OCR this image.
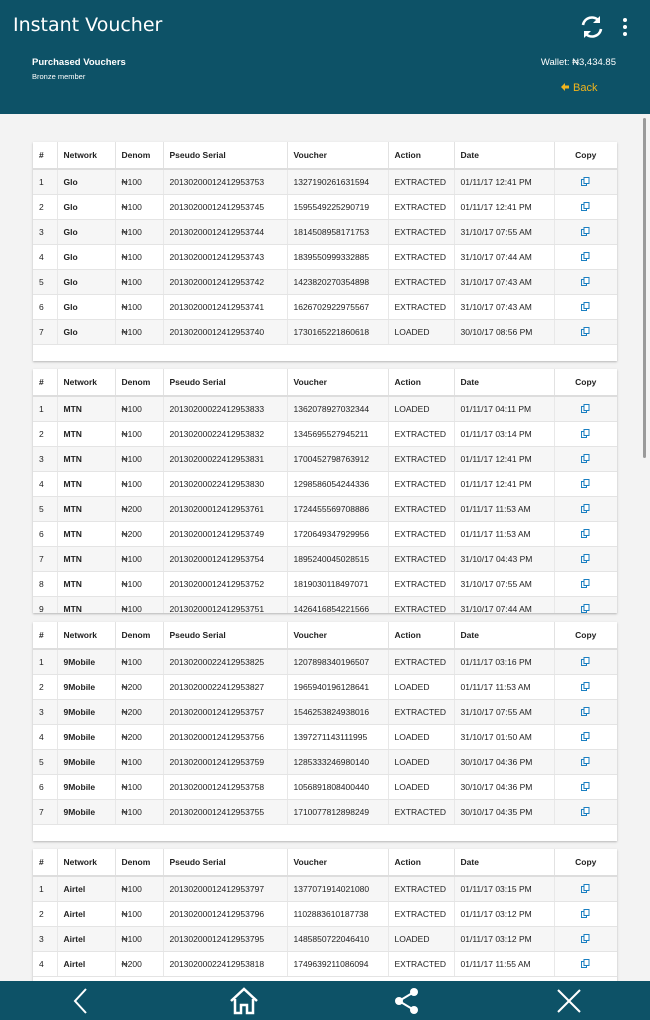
Instant Voucher
Purchased Vouchers
Bronze member
Wallet: ₦3,434.85
Back
#	Network	Denom	Pseudo Serial	Voucher	Action	Date	Copy
1	Glo	₦100	20130200012412953753	1327190261631594	EXTRACTED	01/11/17 12:41 PM	
2	Glo	₦100	20130200012412953745	1595549225290719	EXTRACTED	01/11/17 12:41 PM	
3	Glo	₦100	20130200012412953744	1814508958171753	EXTRACTED	31/10/17 07:55 AM	
4	Glo	₦100	20130200012412953743	1839550999332885	EXTRACTED	31/10/17 07:44 AM	
5	Glo	₦100	20130200012412953742	1423820270354898	EXTRACTED	31/10/17 07:43 AM	
6	Glo	₦100	20130200012412953741	1626702922975567	EXTRACTED	31/10/17 07:43 AM	
7	Glo	₦100	20130200012412953740	1730165221860618	LOADED	30/10/17 08:56 PM	
#	Network	Denom	Pseudo Serial	Voucher	Action	Date	Copy
1	MTN	₦100	20130200022412953833	1362078927032344	LOADED	01/11/17 04:11 PM	
2	MTN	₦100	20130200022412953832	1345695527945211	EXTRACTED	01/11/17 03:14 PM	
3	MTN	₦100	20130200022412953831	1700452798763912	EXTRACTED	01/11/17 12:41 PM	
4	MTN	₦100	20130200022412953830	1298586054244336	EXTRACTED	01/11/17 12:41 PM	
5	MTN	₦200	20130200012412953761	1724455569708886	EXTRACTED	01/11/17 11:53 AM	
6	MTN	₦200	20130200012412953749	1720649347929956	EXTRACTED	01/11/17 11:53 AM	
7	MTN	₦100	20130200012412953754	1895240045028515	EXTRACTED	31/10/17 04:43 PM	
8	MTN	₦100	20130200012412953752	1819030118497071	EXTRACTED	31/10/17 07:55 AM	
9	MTN	₦100	20130200012412953751	1426416854221566	EXTRACTED	31/10/17 07:44 AM	
#	Network	Denom	Pseudo Serial	Voucher	Action	Date	Copy
1	9Mobile	₦100	20130200022412953825	1207898340196507	EXTRACTED	01/11/17 03:16 PM	
2	9Mobile	₦200	20130200022412953827	1965940196128641	LOADED	01/11/17 11:53 AM	
3	9Mobile	₦200	20130200012412953757	1546253824938016	EXTRACTED	31/10/17 07:55 AM	
4	9Mobile	₦200	20130200012412953756	1397271143111995	LOADED	31/10/17 01:50 AM	
5	9Mobile	₦100	20130200012412953759	1285333246980140	LOADED	30/10/17 04:36 PM	
6	9Mobile	₦100	20130200012412953758	1056891808400440	LOADED	30/10/17 04:36 PM	
7	9Mobile	₦100	20130200012412953755	1710077812898249	EXTRACTED	30/10/17 04:35 PM	
#	Network	Denom	Pseudo Serial	Voucher	Action	Date	Copy
1	Airtel	₦100	20130200012412953797	1377071914021080	EXTRACTED	01/11/17 03:15 PM	
2	Airtel	₦100	20130200012412953796	1102883610187738	EXTRACTED	01/11/17 03:12 PM	
3	Airtel	₦100	20130200012412953795	1485850722046410	LOADED	01/11/17 03:12 PM	
4	Airtel	₦200	20130200022412953818	1749639211086094	EXTRACTED	01/11/17 11:55 AM	
